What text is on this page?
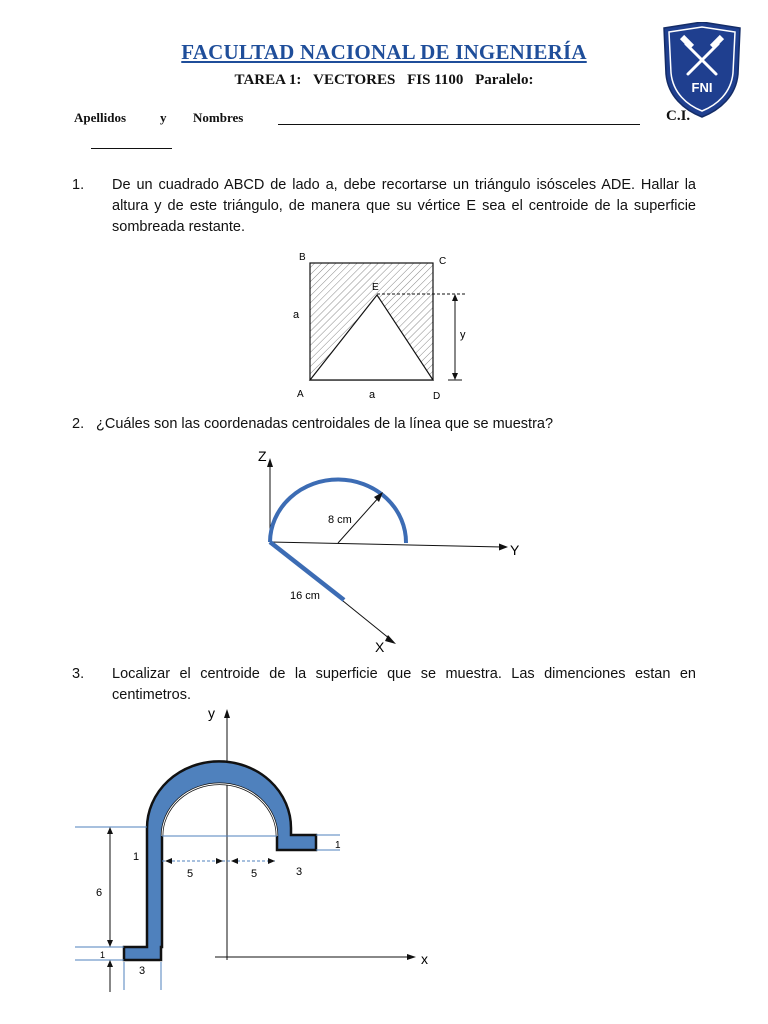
FACULTAD NACIONAL DE INGENIERÍA
TAREA 1: VECTORES FIS 1100 Paralelo:	FNI
Apellidos	y Nombres	C.I.
1. De un cuadrado ABCD de lado a, debe recortarse un triángulo isósceles ADE. Hallar la altura y de este triángulo, de manera que su vértice E sea el centroide de la superficie sombreada restante.
B	C
E
a
y
A	a	D
2. ¿Cuáles son las coordenadas centroidales de la línea que se muestra?
Z
Y
X
8 cm
16 cm
3. Localizar el centroide de la superficie que se muestra. Las dimenciones estan en centimetros.
y
x
1
6
1
3
5	5	3
1
